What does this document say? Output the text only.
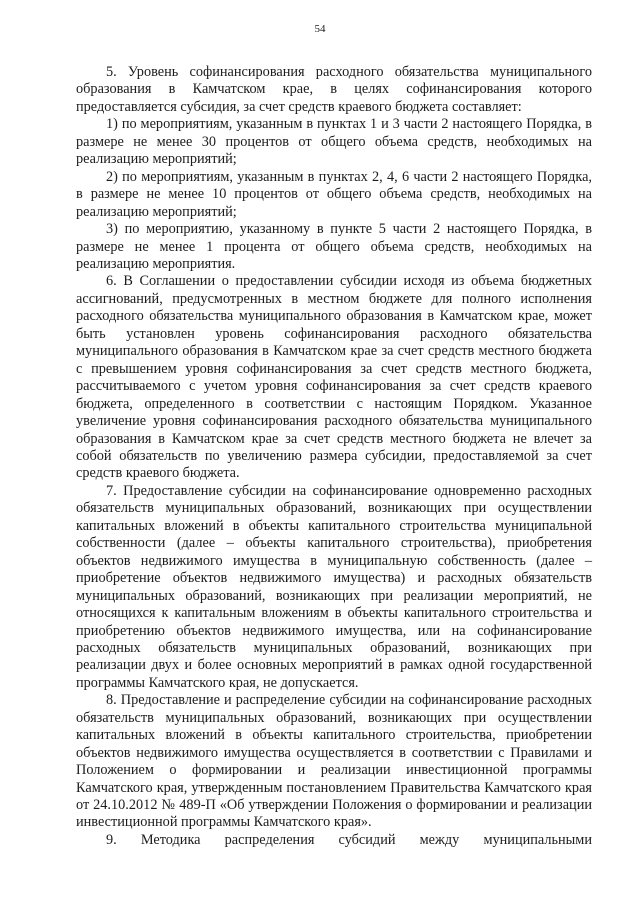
54

5. Уровень софинансирования расходного обязательства муниципального образования в Камчатском крае, в целях софинансирования которого предоставляется субсидия, за счет средств краевого бюджета составляет:

1) по мероприятиям, указанным в пунктах 1 и 3 части 2 настоящего Порядка, в размере не менее 30 процентов от общего объема средств, необходимых на реализацию мероприятий;

2) по мероприятиям, указанным в пунктах 2, 4, 6 части 2 настоящего Порядка, в размере не менее 10 процентов от общего объема средств, необходимых на реализацию мероприятий;

3) по мероприятию, указанному в пункте 5 части 2 настоящего Порядка, в размере не менее 1 процента от общего объема средств, необходимых на реализацию мероприятия.

6. В Соглашении о предоставлении субсидии исходя из объема бюджетных ассигнований, предусмотренных в местном бюджете для полного исполнения расходного обязательства муниципального образования в Камчатском крае, может быть установлен уровень софинансирования расходного обязательства муниципального образования в Камчатском крае за счет средств местного бюджета с превышением уровня софинансирования за счет средств местного бюджета, рассчитываемого с учетом уровня софинансирования за счет средств краевого бюджета, определенного в соответствии с настоящим Порядком. Указанное увеличение уровня софинансирования расходного обязательства муниципального образования в Камчатском крае за счет средств местного бюджета не влечет за собой обязательств по увеличению размера субсидии, предоставляемой за счет средств краевого бюджета.

7. Предоставление субсидии на софинансирование одновременно расходных обязательств муниципальных образований, возникающих при осуществлении капитальных вложений в объекты капитального строительства муниципальной собственности (далее – объекты капитального строительства), приобретения объектов недвижимого имущества в муниципальную собственность (далее – приобретение объектов недвижимого имущества) и расходных обязательств муниципальных образований, возникающих при реализации мероприятий, не относящихся к капитальным вложениям в объекты капитального строительства и приобретению объектов недвижимого имущества, или на софинансирование расходных обязательств муниципальных образований, возникающих при реализации двух и более основных мероприятий в рамках одной государственной программы Камчатского края, не допускается.

8. Предоставление и распределение субсидии на софинансирование расходных обязательств муниципальных образований, возникающих при осуществлении капитальных вложений в объекты капитального строительства, приобретении объектов недвижимого имущества осуществляется в соответствии с Правилами и Положением о формировании и реализации инвестиционной программы Камчатского края, утвержденным постановлением Правительства Камчатского края от 24.10.2012 № 489-П «Об утверждении Положения о формировании и реализации инвестиционной программы Камчатского края».

9. Методика распределения субсидий между муниципальными
